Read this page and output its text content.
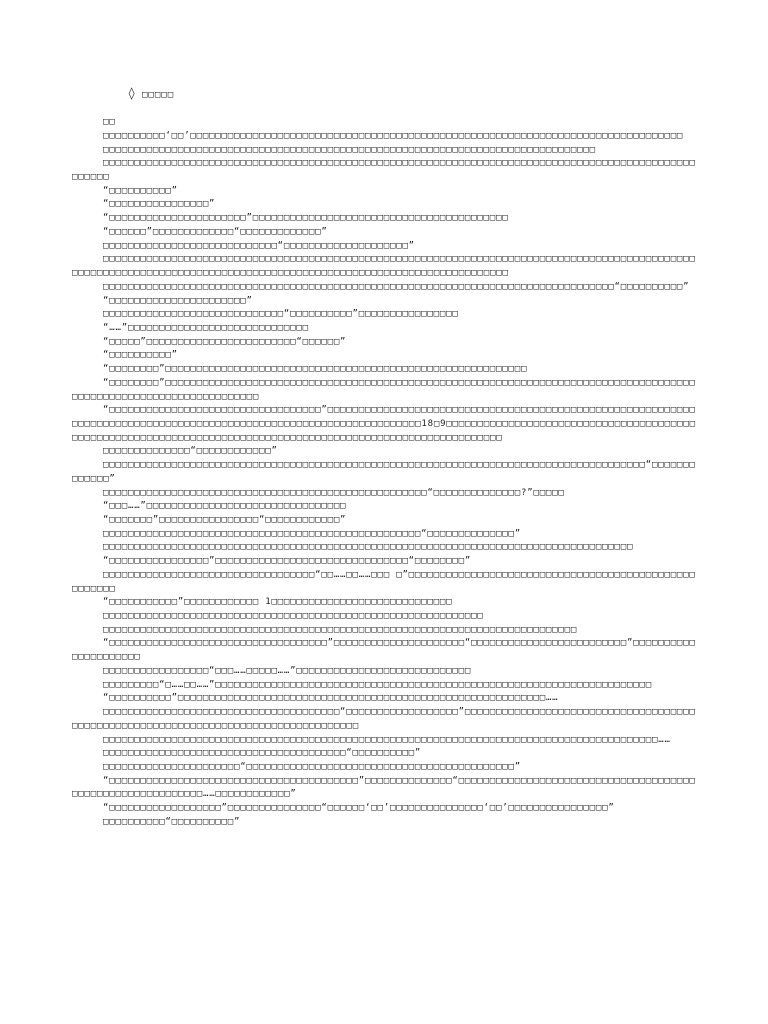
◊ □□□□□

□□

□□□□□□□□□□‘□□’□□□□□□□□□□□□□□□□□□□□□□□□□□□□□□□□□□□□□□□□□□□□□□□□□□□□□□□□□□□□□□□□□□□□□□□□□□□□□□□

□□□□□□□□□□□□□□□□□□□□□□□□□□□□□□□□□□□□□□□□□□□□□□□□□□□□□□□□□□□□□□□□□□□□□□□□□□□□□□□

□□□□□□□□□□□□□□□□□□□□□□□□□□□□□□□□□□□□□□□□□□□□□□□□□□□□□□□□□□□□□□□□□□□□□□□□□□□□□□□□□□□□□□□□□□□□□□□□□□□□□

“□□□□□□□□□□”

“□□□□□□□□□□□□□□□□”

“□□□□□□□□□□□□□□□□□□□□□□”□□□□□□□□□□□□□□□□□□□□□□□□□□□□□□□□□□□□□□□□□

“□□□□□□”□□□□□□□□□□□□□“□□□□□□□□□□□□□”

□□□□□□□□□□□□□□□□□□□□□□□□□□□□“□□□□□□□□□□□□□□□□□□□□”

□□□□□□□□□□□□□□□□□□□□□□□□□□□□□□□□□□□□□□□□□□□□□□□□□□□□□□□□□□□□□□□□□□□□□□□□□□□□□□□□□□□□□□□□□□□□□□□□□□□□□□□□□□□□□□□□□□□□□□□□□□□□□□□□□□□□□□□□□□□□□□□□□□□□□□□□□□□□□□□□□□□□□

□□□□□□□□□□□□□□□□□□□□□□□□□□□□□□□□□□□□□□□□□□□□□□□□□□□□□□□□□□□□□□□□□□□□□□□□□□□□□□□□□□“□□□□□□□□□□”

“□□□□□□□□□□□□□□□□□□□□□□”

□□□□□□□□□□□□□□□□□□□□□□□□□□□□□“□□□□□□□□□□”□□□□□□□□□□□□□□□□

“……”□□□□□□□□□□□□□□□□□□□□□□□□□□□□□

“□□□□□”□□□□□□□□□□□□□□□□□□□□□□□□“□□□□□□”

“□□□□□□□□□□”

“□□□□□□□□”□□□□□□□□□□□□□□□□□□□□□□□□□□□□□□□□□□□□□□□□□□□□□□□□□□□□□□□□□□

“□□□□□□□□”□□□□□□□□□□□□□□□□□□□□□□□□□□□□□□□□□□□□□□□□□□□□□□□□□□□□□□□□□□□□□□□□□□□□□□□□□□□□□□□□□□□□□□□□□□□□□□□□□□□□□□□□□□□□□□□□□□□

“□□□□□□□□□□□□□□□□□□□□□□□□□□□□□□□□□□”□□□□□□□□□□□□□□□□□□□□□□□□□□□□□□□□□□□□□□□□□□□□□□□□□□□□□□□□□□□□□□□□□□□□□□□□□□□□□□□□□□□□□□□□□□□□□□□□□□□□□□□□□□□□□□□□□□□18□9□□□□□□□□□□□□□□□□□□□□□□□□□□□□□□□□□□□□□□□□□□□□□□□□□□□□□□□□□□□□□□□□□□□□□□□□□□□□□□□□□□□□□□□□□□□□□□□□□□□□□□□□□□□□□

□□□□□□□□□□□□□□“□□□□□□□□□□□□”

□□□□□□□□□□□□□□□□□□□□□□□□□□□□□□□□□□□□□□□□□□□□□□□□□□□□□□□□□□□□□□□□□□□□□□□□□□□□□□□□□□□□□□□“□□□□□□□□□□□□□”

□□□□□□□□□□□□□□□□□□□□□□□□□□□□□□□□□□□□□□□□□□□□□□□□□□□□“□□□□□□□□□□□□□□?”□□□□□

“□□□……”□□□□□□□□□□□□□□□□□□□□□□□□□□□□□□□□

“□□□□□□□”□□□□□□□□□□□□□□□□“□□□□□□□□□□□□”

□□□□□□□□□□□□□□□□□□□□□□□□□□□□□□□□□□□□□□□□□□□□□□□□□□□“□□□□□□□□□□□□□□”

□□□□□□□□□□□□□□□□□□□□□□□□□□□□□□□□□□□□□□□□□□□□□□□□□□□□□□□□□□□□□□□□□□□□□□□□□□□□□□□□□□□□□

“□□□□□□□□□□□□□□□□”□□□□□□□□□□□□□□□□□□□□□□□□□□□□□□□“□□□□□□□□”

□□□□□□□□□□□□□□□□□□□□□□□□□□□□□□□□□□“□□……□□……□□□ □”□□□□□□□□□□□□□□□□□□□□□□□□□□□□□□□□□□□□□□□□□□□□□□□□□□□□□

“□□□□□□□□□□□”□□□□□□□□□□□□ 1□□□□□□□□□□□□□□□□□□□□□□□□□□□□□

□□□□□□□□□□□□□□□□□□□□□□□□□□□□□□□□□□□□□□□□□□□□□□□□□□□□□□□□□□□□□

□□□□□□□□□□□□□□□□□□□□□□□□□□□□□□□□□□□□□□□□□□□□□□□□□□□□□□□□□□□□□□□□□□□□□□□□□□□□

“□□□□□□□□□□□□□□□□□□□□□□□□□□□□□□□□□□□”□□□□□□□□□□□□□□□□□□□□□“□□□□□□□□□□□□□□□□□□□□□□□□□”□□□□□□□□□□□□□□□□□□□□□

□□□□□□□□□□□□□□□□□“□□□……□□□□□……”□□□□□□□□□□□□□□□□□□□□□□□□□□□□

□□□□□□□□□“□……□□……”□□□□□□□□□□□□□□□□□□□□□□□□□□□□□□□□□□□□□□□□□□□□□□□□□□□□□□□□□□□□□□□□□□□□□□

“□□□□□□□□□□”□□□□□□□□□□□□□□□□□□□□□□□□□□□□□□□□□□□□□□□□□□□□□□□□□□□□□□□□□□□……

□□□□□□□□□□□□□□□□□□□□□□□□□□□□□□□□□□□□□□“□□□□□□□□□□□□□□□□□□”□□□□□□□□□□□□□□□□□□□□□□□□□□□□□□□□□□□□□□□□□□□□□□□□□□□□□□□□□□□□□□□□□□□□□□□□□□□□□□□□□□□

□□□□□□□□□□□□□□□□□□□□□□□□□□□□□□□□□□□□□□□□□□□□□□□□□□□□□□□□□□□□□□□□□□□□□□□□□□□□□□□□□□□□□□□□□……

□□□□□□□□□□□□□□□□□□□□□□□□□□□□□□□□□□□□□□□“□□□□□□□□□□”

□□□□□□□□□□□□□□□□□□□□□□“□□□□□□□□□□□□□□□□□□□□□□□□□□□□□□□□□□□□□□□□□□□”

“□□□□□□□□□□□□□□□□□□□□□□□□□□□□□□□□□□□□□□□□”□□□□□□□□□□□□□□“□□□□□□□□□□□□□□□□□□□□□□□□□□□□□□□□□□□□□□□□□□□□□□□□□□□□□□□□□□□……□□□□□□□□□□□□”

“□□□□□□□□□□□□□□□□□□”□□□□□□□□□□□□□□□“□□□□□□‘□□’□□□□□□□□□□□□□□□‘□□’□□□□□□□□□□□□□□□□”

□□□□□□□□□□“□□□□□□□□□□”
